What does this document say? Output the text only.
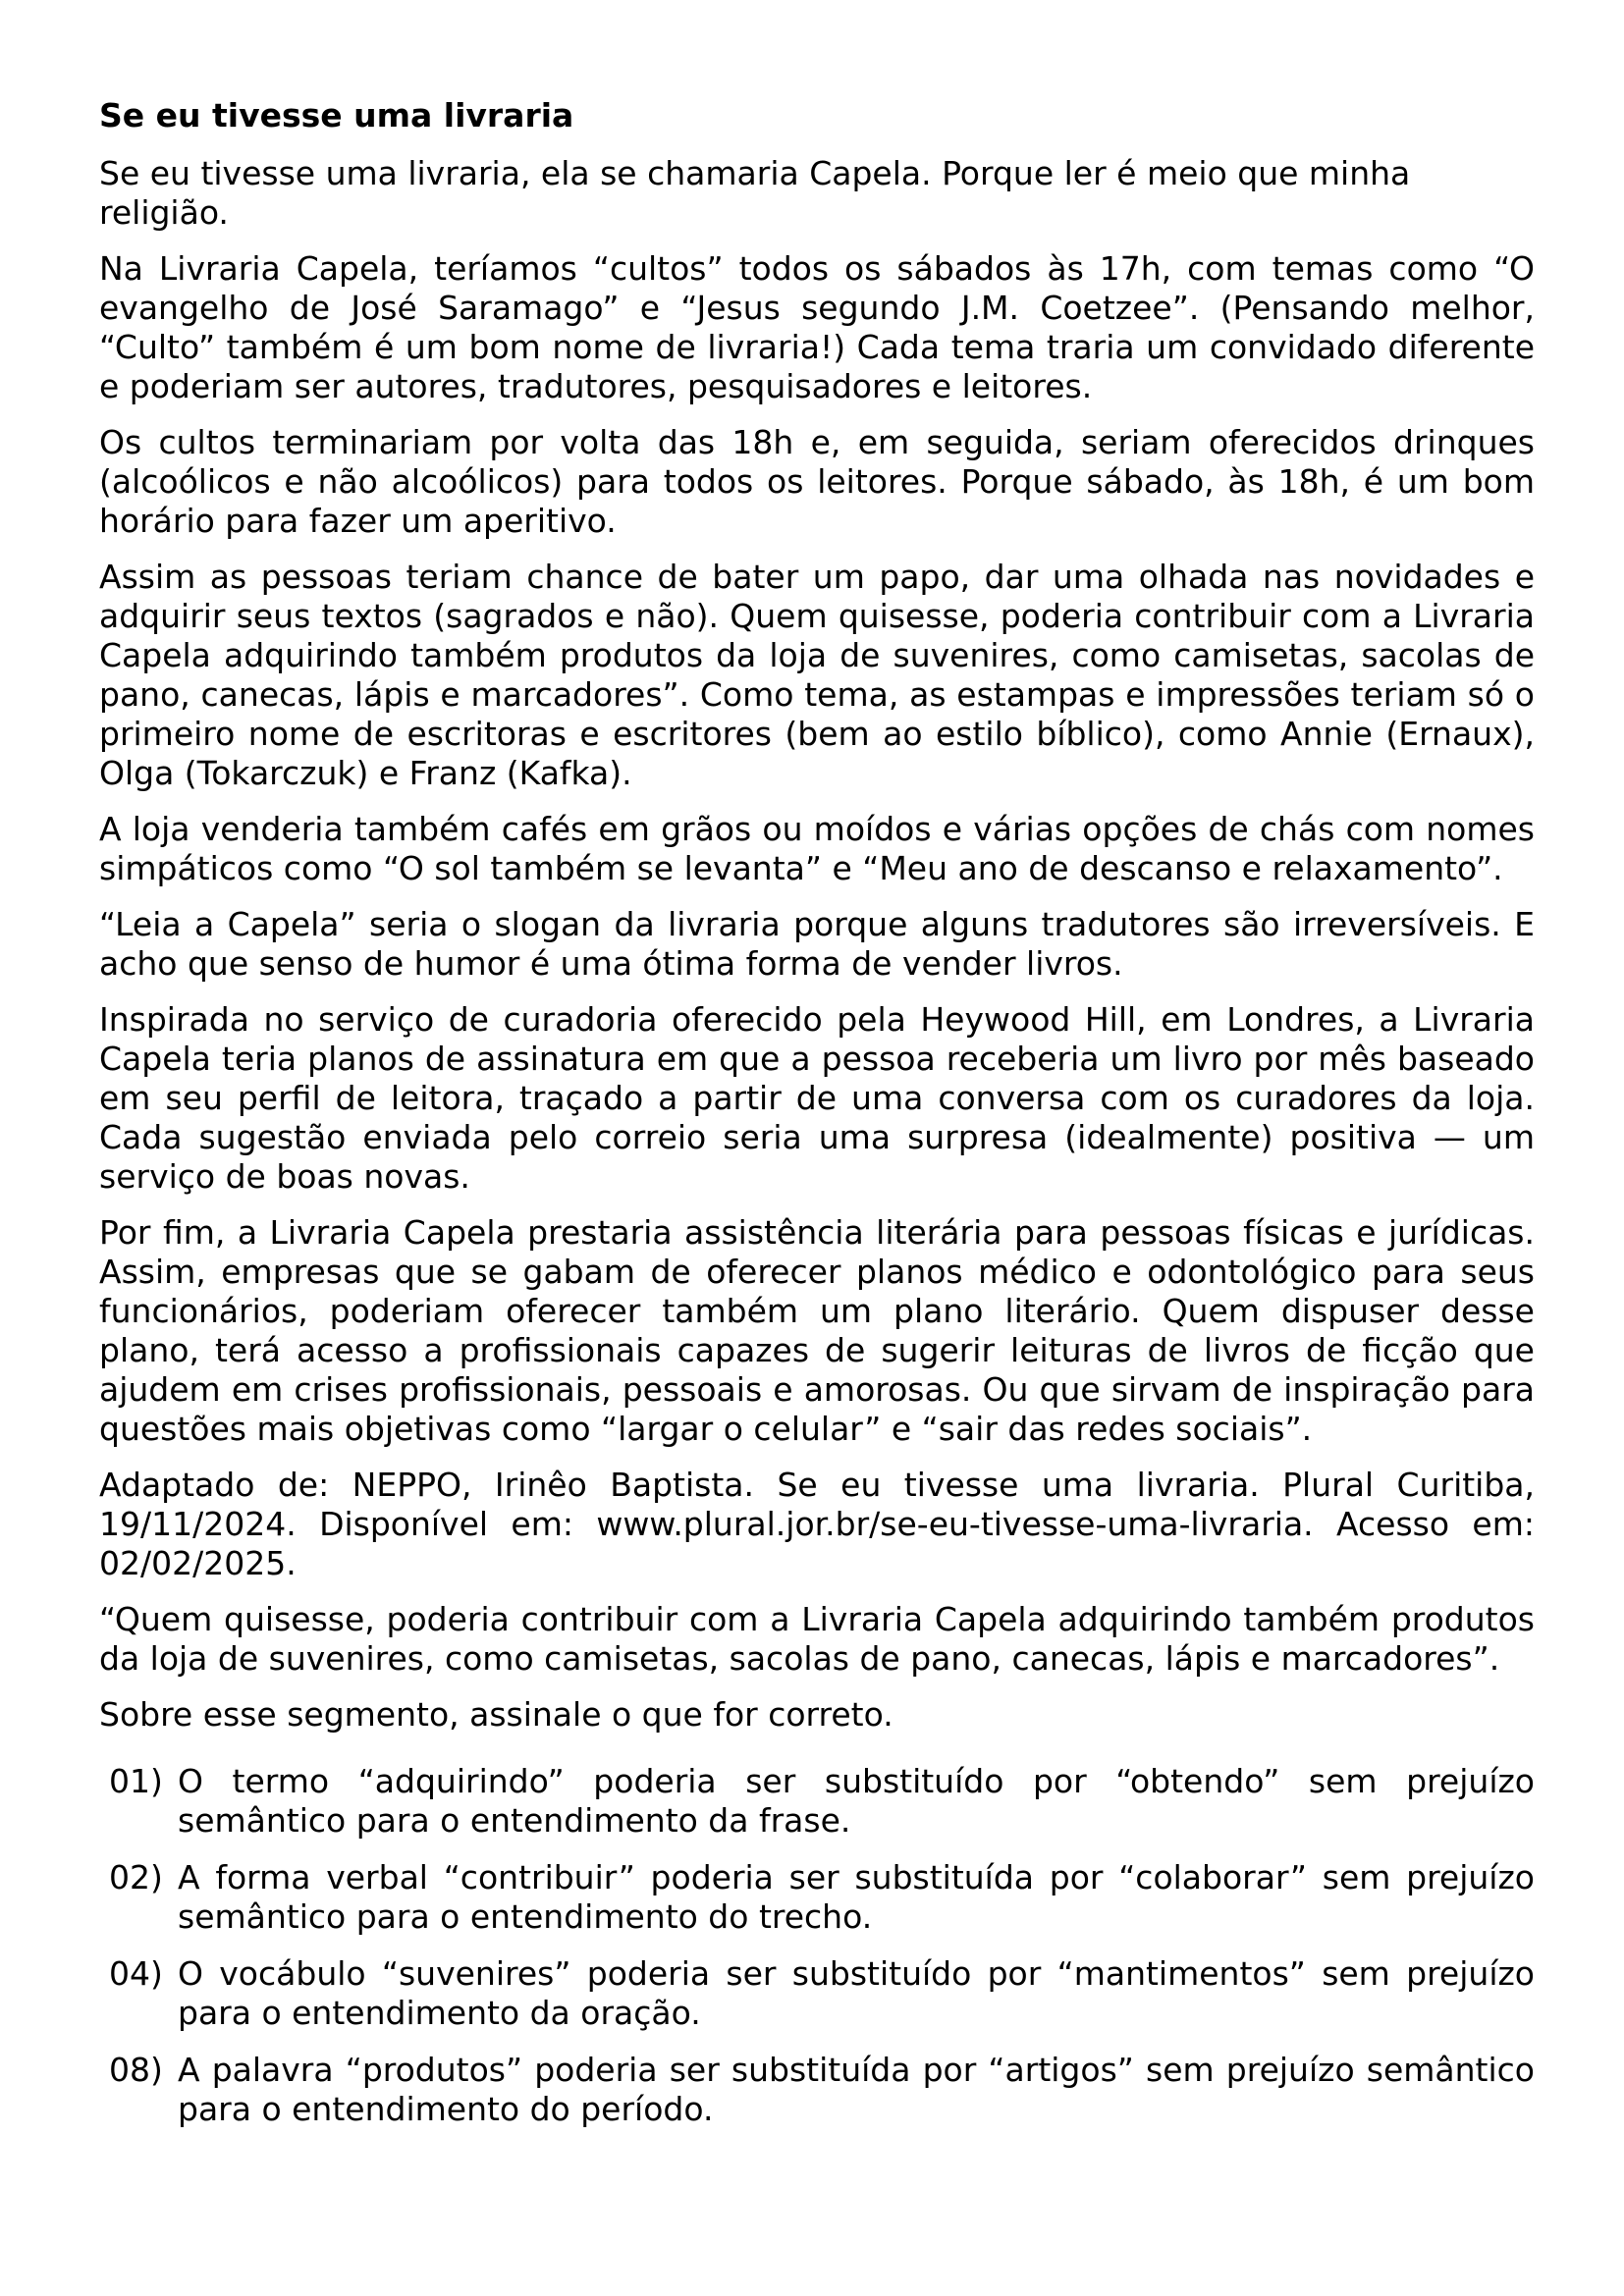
Se eu tivesse uma livraria

Se eu tivesse uma livraria, ela se chamaria Capela. Porque ler é meio que minha religião.

Na Livraria Capela, teríamos “cultos” todos os sábados às 17h, com temas como “O evangelho de José Saramago” e “Jesus segundo J.M. Coetzee”. (Pensando melhor, “Culto” também é um bom nome de livraria!) Cada tema traria um convidado diferente e poderiam ser autores, tradutores, pesquisadores e leitores.

Os cultos terminariam por volta das 18h e, em seguida, seriam oferecidos drinques (alcoólicos e não alcoólicos) para todos os leitores. Porque sábado, às 18h, é um bom horário para fazer um aperitivo.

Assim as pessoas teriam chance de bater um papo, dar uma olhada nas novidades e adquirir seus textos (sagrados e não). Quem quisesse, poderia contribuir com a Livraria Capela adquirindo também produtos da loja de suvenires, como camisetas, sacolas de pano, canecas, lápis e marcadores”. Como tema, as estampas e impressões teriam só o primeiro nome de escritoras e escritores (bem ao estilo bíblico), como Annie (Ernaux), Olga (Tokarczuk) e Franz (Kafka).

A loja venderia também cafés em grãos ou moídos e várias opções de chás com nomes simpáticos como “O sol também se levanta” e “Meu ano de descanso e relaxamento”.

“Leia a Capela” seria o slogan da livraria porque alguns tradutores são irreversíveis. E acho que senso de humor é uma ótima forma de vender livros.

Inspirada no serviço de curadoria oferecido pela Heywood Hill, em Londres, a Livraria Capela teria planos de assinatura em que a pessoa receberia um livro por mês baseado em seu perfil de leitora, traçado a partir de uma conversa com os curadores da loja. Cada sugestão enviada pelo correio seria uma surpresa (idealmente) positiva — um serviço de boas novas.

Por fim, a Livraria Capela prestaria assistência literária para pessoas físicas e jurídicas. Assim, empresas que se gabam de oferecer planos médico e odontológico para seus funcionários, poderiam oferecer também um plano literário. Quem dispuser desse plano, terá acesso a profissionais capazes de sugerir leituras de livros de ficção que ajudem em crises profissionais, pessoais e amorosas. Ou que sirvam de inspiração para questões mais objetivas como “largar o celular” e “sair das redes sociais”.

Adaptado de: NEPPO, Irinêo Baptista. Se eu tivesse uma livraria. Plural Curitiba, 19/11/2024. Disponível em: www.plural.jor.br/se-eu-tivesse-uma-livraria. Acesso em: 02/02/2025.

“Quem quisesse, poderia contribuir com a Livraria Capela adquirindo também produtos da loja de suvenires, como camisetas, sacolas de pano, canecas, lápis e marcadores”.

Sobre esse segmento, assinale o que for correto.

01) O termo “adquirindo” poderia ser substituído por “obtendo” sem prejuízo semântico para o entendimento da frase.
02) A forma verbal “contribuir” poderia ser substituída por “colaborar” sem prejuízo semântico para o entendimento do trecho.
04) O vocábulo “suvenires” poderia ser substituído por “mantimentos” sem prejuízo para o entendimento da oração.
08) A palavra “produtos” poderia ser substituída por “artigos” sem prejuízo semântico para o entendimento do período.
